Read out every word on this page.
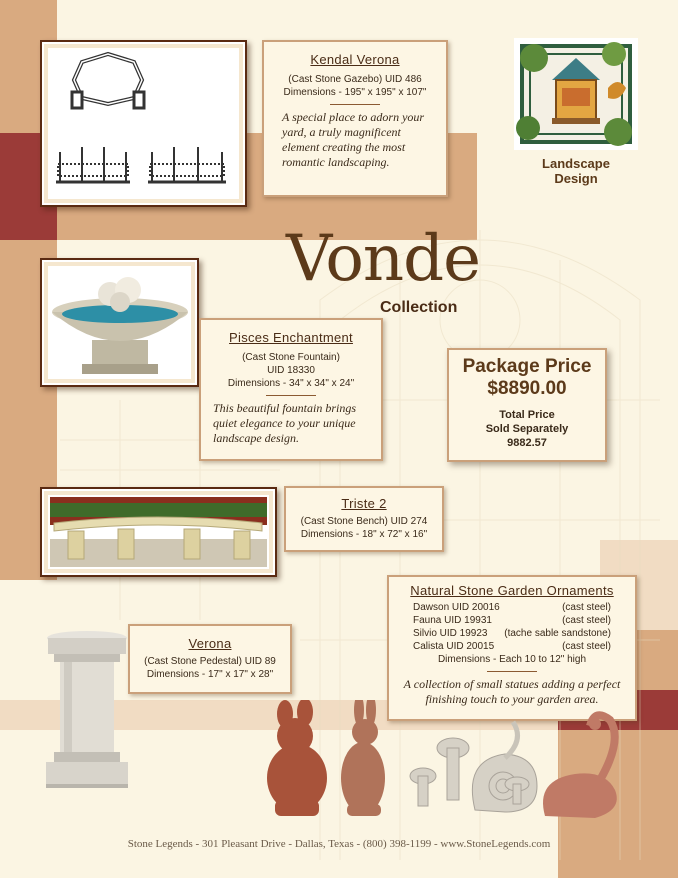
Kendal Verona
(Cast Stone Gazebo) UID 486
Dimensions - 195" x 195" x 107"
A special place to adorn your yard, a truly magnificent element creating the most romantic landscaping.	Landscape
Design
Vonde
Collection
Pisces Enchantment
(Cast Stone Fountain)
UID 18330
Dimensions - 34" x 34" x 24"
This beautiful fountain brings quiet elegance to your unique landscape design.
Package Price
$8890.00
Total Price
Sold Separately
9882.57
Triste 2
(Cast Stone Bench) UID 274
Dimensions - 18" x 72" x 16"
Natural Stone Garden Ornaments
Dawson UID 20016	(cast steel)
Fauna UID 19931	(cast steel)
Silvio UID 19923 (tache sable sandstone)
Calista UID 20015	(cast steel)
Dimensions - Each 10 to 12" high
A collection of small statues adding a perfect finishing touch to your garden area.
Verona
(Cast Stone Pedestal) UID 89
Dimensions - 17" x 17" x 28"
Stone Legends - 301 Pleasant Drive - Dallas, Texas - (800) 398-1199 - www.StoneLegends.com
